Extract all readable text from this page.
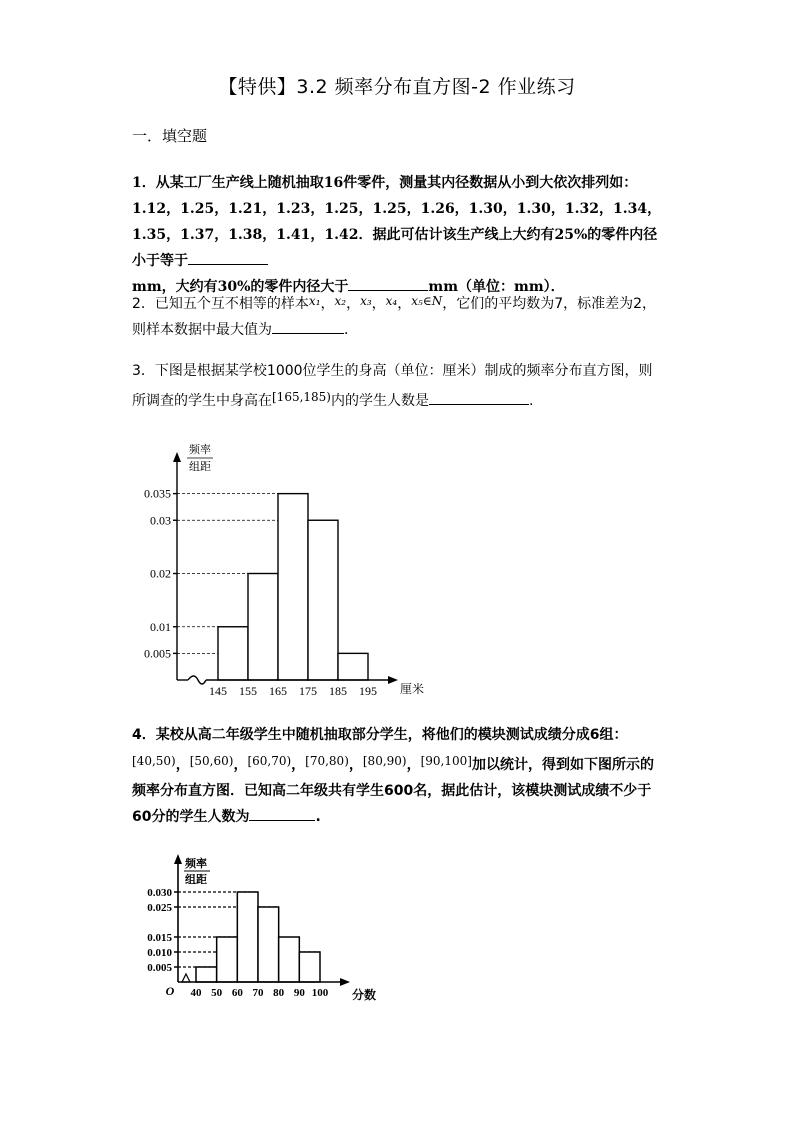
【特供】3.2 频率分布直方图-2 作业练习
一．填空题
1．从某工厂生产线上随机抽取16件零件，测量其内径数据从小到大依次排列如：1.12，1.25，1.21，1.23，1.25，1.25，1.26，1.30，1.30，1.32，1.34，1.35，1.37，1.38，1.41，1.42．据此可估计该生产线上大约有25%的零件内径小于等于
mm，大约有30%的零件内径大于	mm（单位：mm）．
2．已知五个互不相等的样本x₁，x₂，x₃，x₄，x₅∈N，它们的平均数为7，标准差为2，则样本数据中最大值为	．
3．下图是根据某学校1000位学生的身高（单位：厘米）制成的频率分布直方图，则所调查的学生中身高在[165,185)内的学生人数是	.
0.005
0.01
0.02
0.03
0.035
145 155 165 175 185 195
频率
组距
厘米
4．某校从高二年级学生中随机抽取部分学生，将他们的模块测试成绩分成6组：
[40,50)，[50,60)，[60,70)，[70,80)，[80,90)，[90,100]加以统计，得到如下图所示的频率分布直方图．已知高二年级共有学生600名，据此估计，该模块测试成绩不少于60分的学生人数为	.
0.005
0.010
0.015
0.025
0.030
40 50 60 70 80 90 100
频率
组距
O	分数
